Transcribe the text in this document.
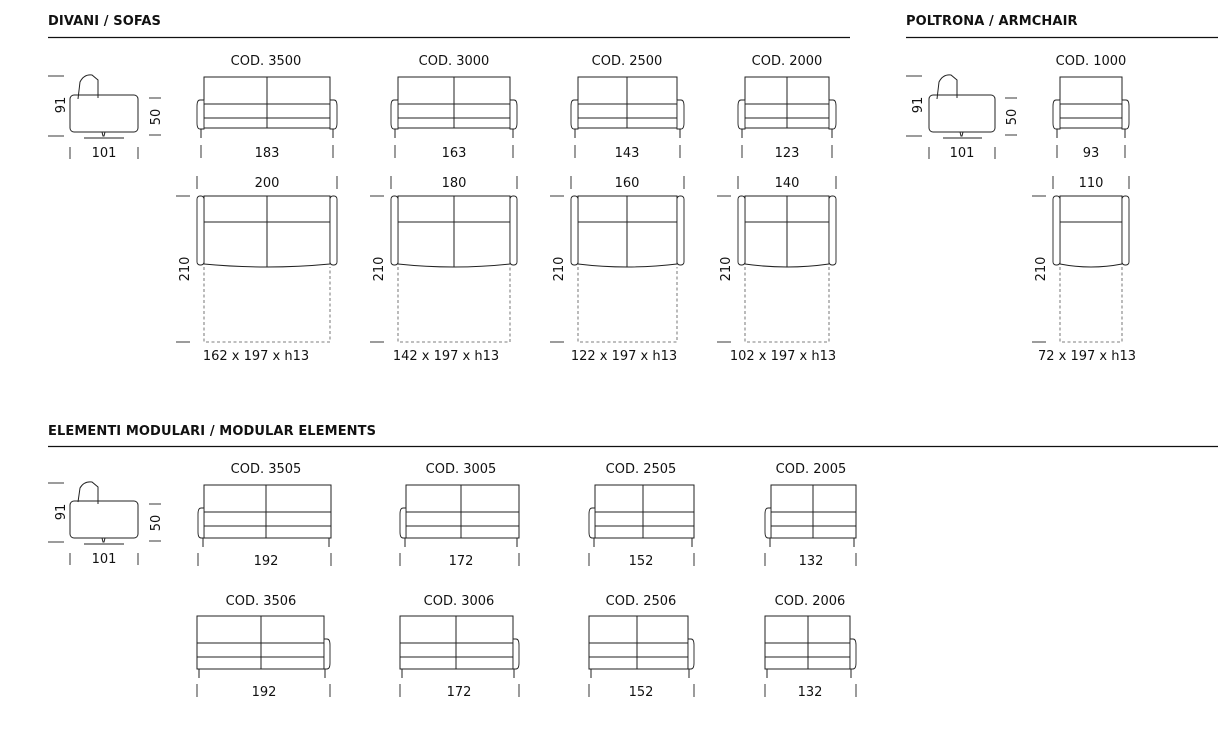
DIVANI / SOFAS	POLTRONA / ARMCHAIR
ELEMENTI MODULARI / MODULAR ELEMENTS
91
50
101
91
50
101
91
50
101
COD. 3500
183
COD. 3000
163
COD. 2500
143
COD. 2000
123
COD. 1000
93
200
210
162 x 197 x h13
180
210
142 x 197 x h13
160
210
122 x 197 x h13
140
210
102 x 197 x h13
110
210
72 x 197 x h13
COD. 3505
192
COD. 3005
172
COD. 2505
152
COD. 2005
132
COD. 3506
192
COD. 3006
172
COD. 2506
152
COD. 2006
132
